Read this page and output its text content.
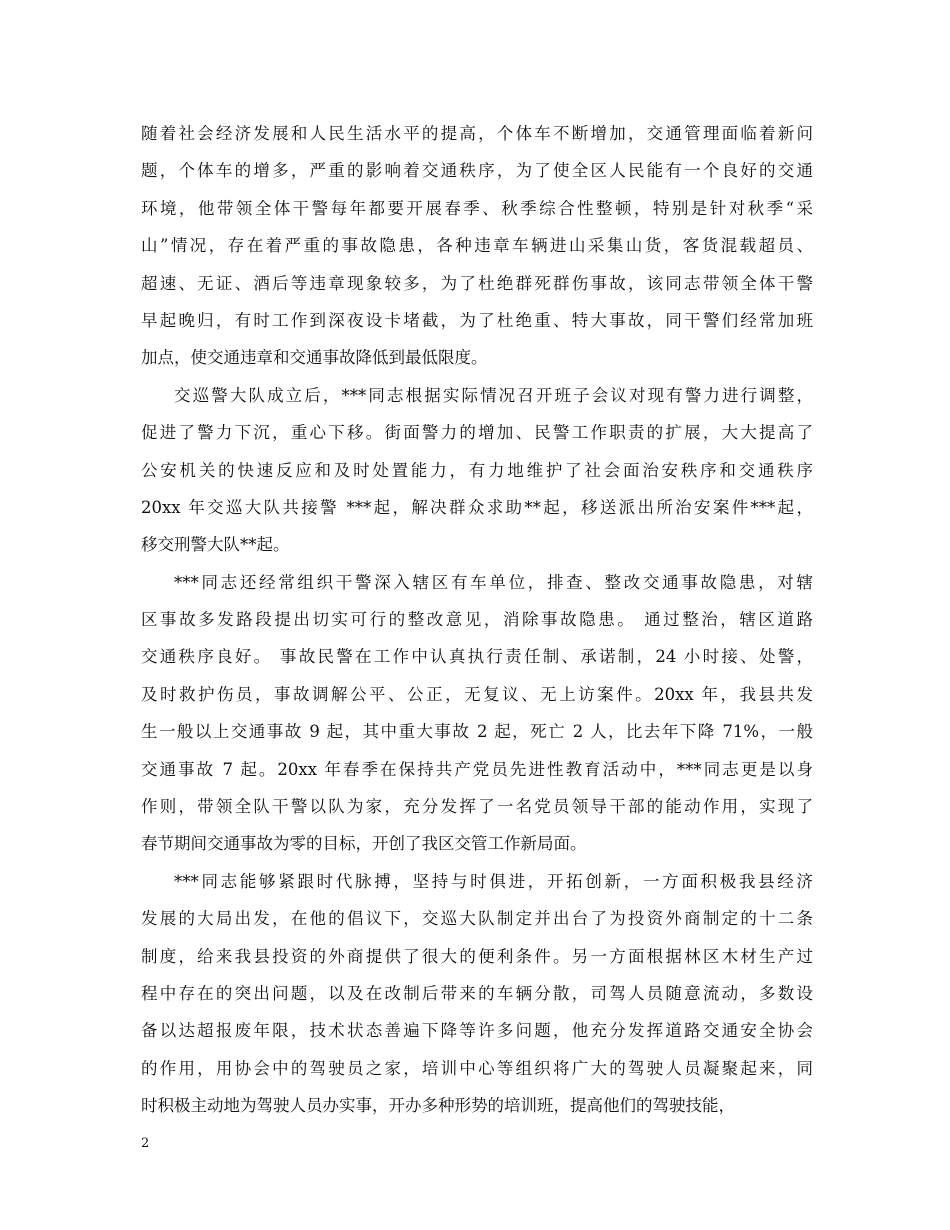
随着社会经济发展和人民生活水平的提高，个体车不断增加，交通管理面临着新问
题，个体车的增多，严重的影响着交通秩序，为了使全区人民能有一个良好的交通
环境，他带领全体干警每年都要开展春季、秋季综合性整顿，特别是针对秋季“采
山”情况，存在着严重的事故隐患，各种违章车辆进山采集山货，客货混载超员、
超速、无证、酒后等违章现象较多，为了杜绝群死群伤事故，该同志带领全体干警
早起晚归，有时工作到深夜设卡堵截，为了杜绝重、特大事故，同干警们经常加班
加点，使交通违章和交通事故降低到最低限度。
交巡警大队成立后，***同志根据实际情况召开班子会议对现有警力进行调整，
促进了警力下沉，重心下移。街面警力的增加、民警工作职责的扩展，大大提高了
公安机关的快速反应和及时处置能力，有力地维护了社会面治安秩序和交通秩序
20xx 年交巡大队共接警 ***起，解决群众求助**起，移送派出所治安案件***起，
移交刑警大队**起。
***同志还经常组织干警深入辖区有车单位，排查、整改交通事故隐患，对辖
区事故多发路段提出切实可行的整改意见，消除事故隐患。 通过整治，辖区道路
交通秩序良好。 事故民警在工作中认真执行责任制、承诺制，24 小时接、处警，
及时救护伤员，事故调解公平、公正，无复议、无上访案件。20xx 年，我县共发
生一般以上交通事故 9 起，其中重大事故 2 起，死亡 2 人，比去年下降 71%，一般
交通事故 7 起。20xx 年春季在保持共产党员先进性教育活动中，***同志更是以身
作则，带领全队干警以队为家，充分发挥了一名党员领导干部的能动作用，实现了
春节期间交通事故为零的目标，开创了我区交管工作新局面。
***同志能够紧跟时代脉搏，坚持与时俱进，开拓创新，一方面积极我县经济
发展的大局出发，在他的倡议下，交巡大队制定并出台了为投资外商制定的十二条
制度，给来我县投资的外商提供了很大的便利条件。另一方面根据林区木材生产过
程中存在的突出问题，以及在改制后带来的车辆分散，司驾人员随意流动，多数设
备以达超报废年限，技术状态善遍下降等许多问题，他充分发挥道路交通安全协会
的作用，用协会中的驾驶员之家，培训中心等组织将广大的驾驶人员凝聚起来，同
时积极主动地为驾驶人员办实事，开办多种形势的培训班，提高他们的驾驶技能，
2
